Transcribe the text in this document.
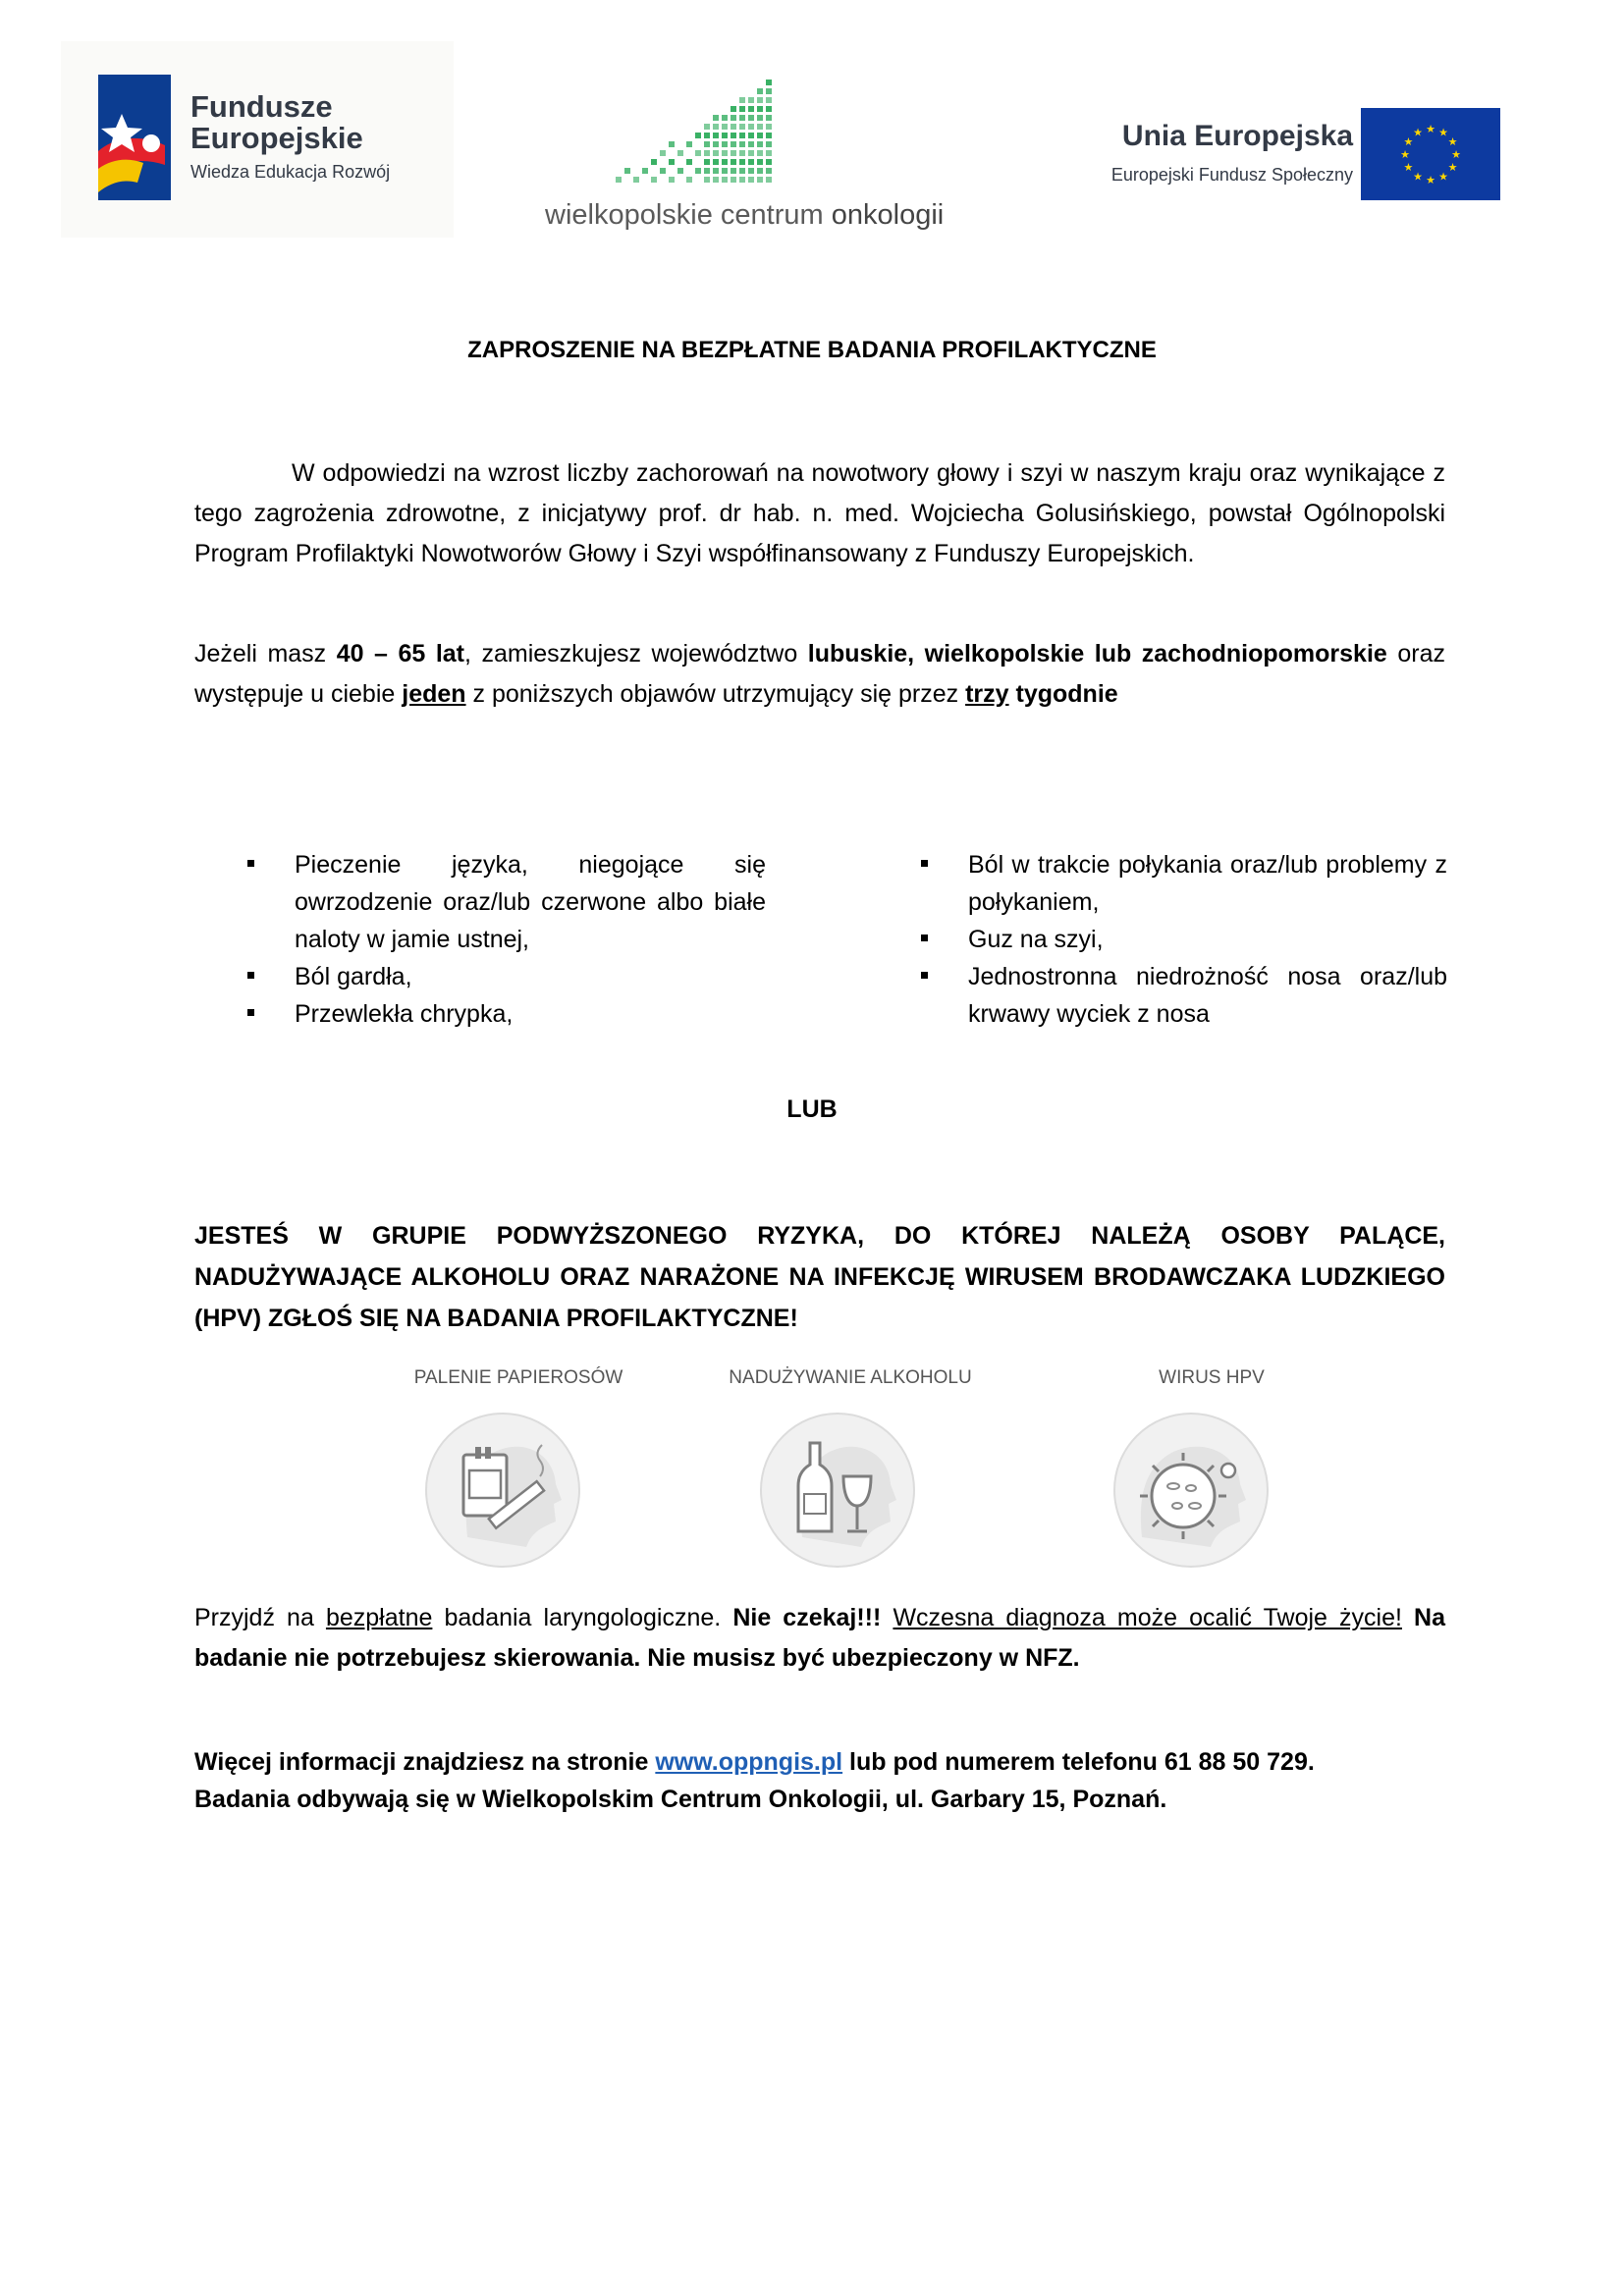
Fundusze
Europejskie
Wiedza Edukacja Rozwój
wielkopolskie centrum onkologii
Unia Europejska
Europejski Fundusz Społeczny
★ ★
★
★
★
★
★
★
★
★
★
★
ZAPROSZENIE NA BEZPŁATNE BADANIA PROFILAKTYCZNE
W odpowiedzi na wzrost liczby zachorowań na nowotwory głowy i szyi w naszym kraju oraz wynikające z tego zagrożenia zdrowotne, z inicjatywy prof. dr hab. n. med. Wojciecha Golusińskiego, powstał Ogólnopolski Program Profilaktyki Nowotworów Głowy i Szyi współfinansowany z Funduszy Europejskich.
Jeżeli masz 40 – 65 lat, zamieszkujesz województwo lubuskie, wielkopolskie lub zachodniopomorskie oraz występuje u ciebie jeden z poniższych objawów utrzymujący się przez trzy tygodnie
Pieczenie języka, niegojące się owrzodzenie oraz/lub czerwone albo białe naloty w jamie ustnej,
Ból gardła,
Przewlekła chrypka,
Ból w trakcie połykania oraz/lub problemy z połykaniem,
Guz na szyi,
Jednostronna niedrożność nosa oraz/lub krwawy wyciek z nosa
LUB
JESTEŚ W GRUPIE PODWYŻSZONEGO RYZYKA, DO KTÓREJ NALEŻĄ OSOBY PALĄCE, NADUŻYWAJĄCE ALKOHOLU ORAZ NARAŻONE NA INFEKCJĘ WIRUSEM BRODAWCZAKA LUDZKIEGO (HPV) ZGŁOŚ SIĘ NA BADANIA PROFILAKTYCZNE!
PALENIE PAPIEROSÓW	NADUŻYWANIE ALKOHOLU	WIRUS HPV
Przyjdź na bezpłatne badania laryngologiczne. Nie czekaj!!! Wczesna diagnoza może ocalić Twoje życie! Na badanie nie potrzebujesz skierowania. Nie musisz być ubezpieczony w NFZ.
Więcej informacji znajdziesz na stronie www.oppngis.pl lub pod numerem telefonu 61 88 50 729.
Badania odbywają się w Wielkopolskim Centrum Onkologii, ul. Garbary 15, Poznań.
